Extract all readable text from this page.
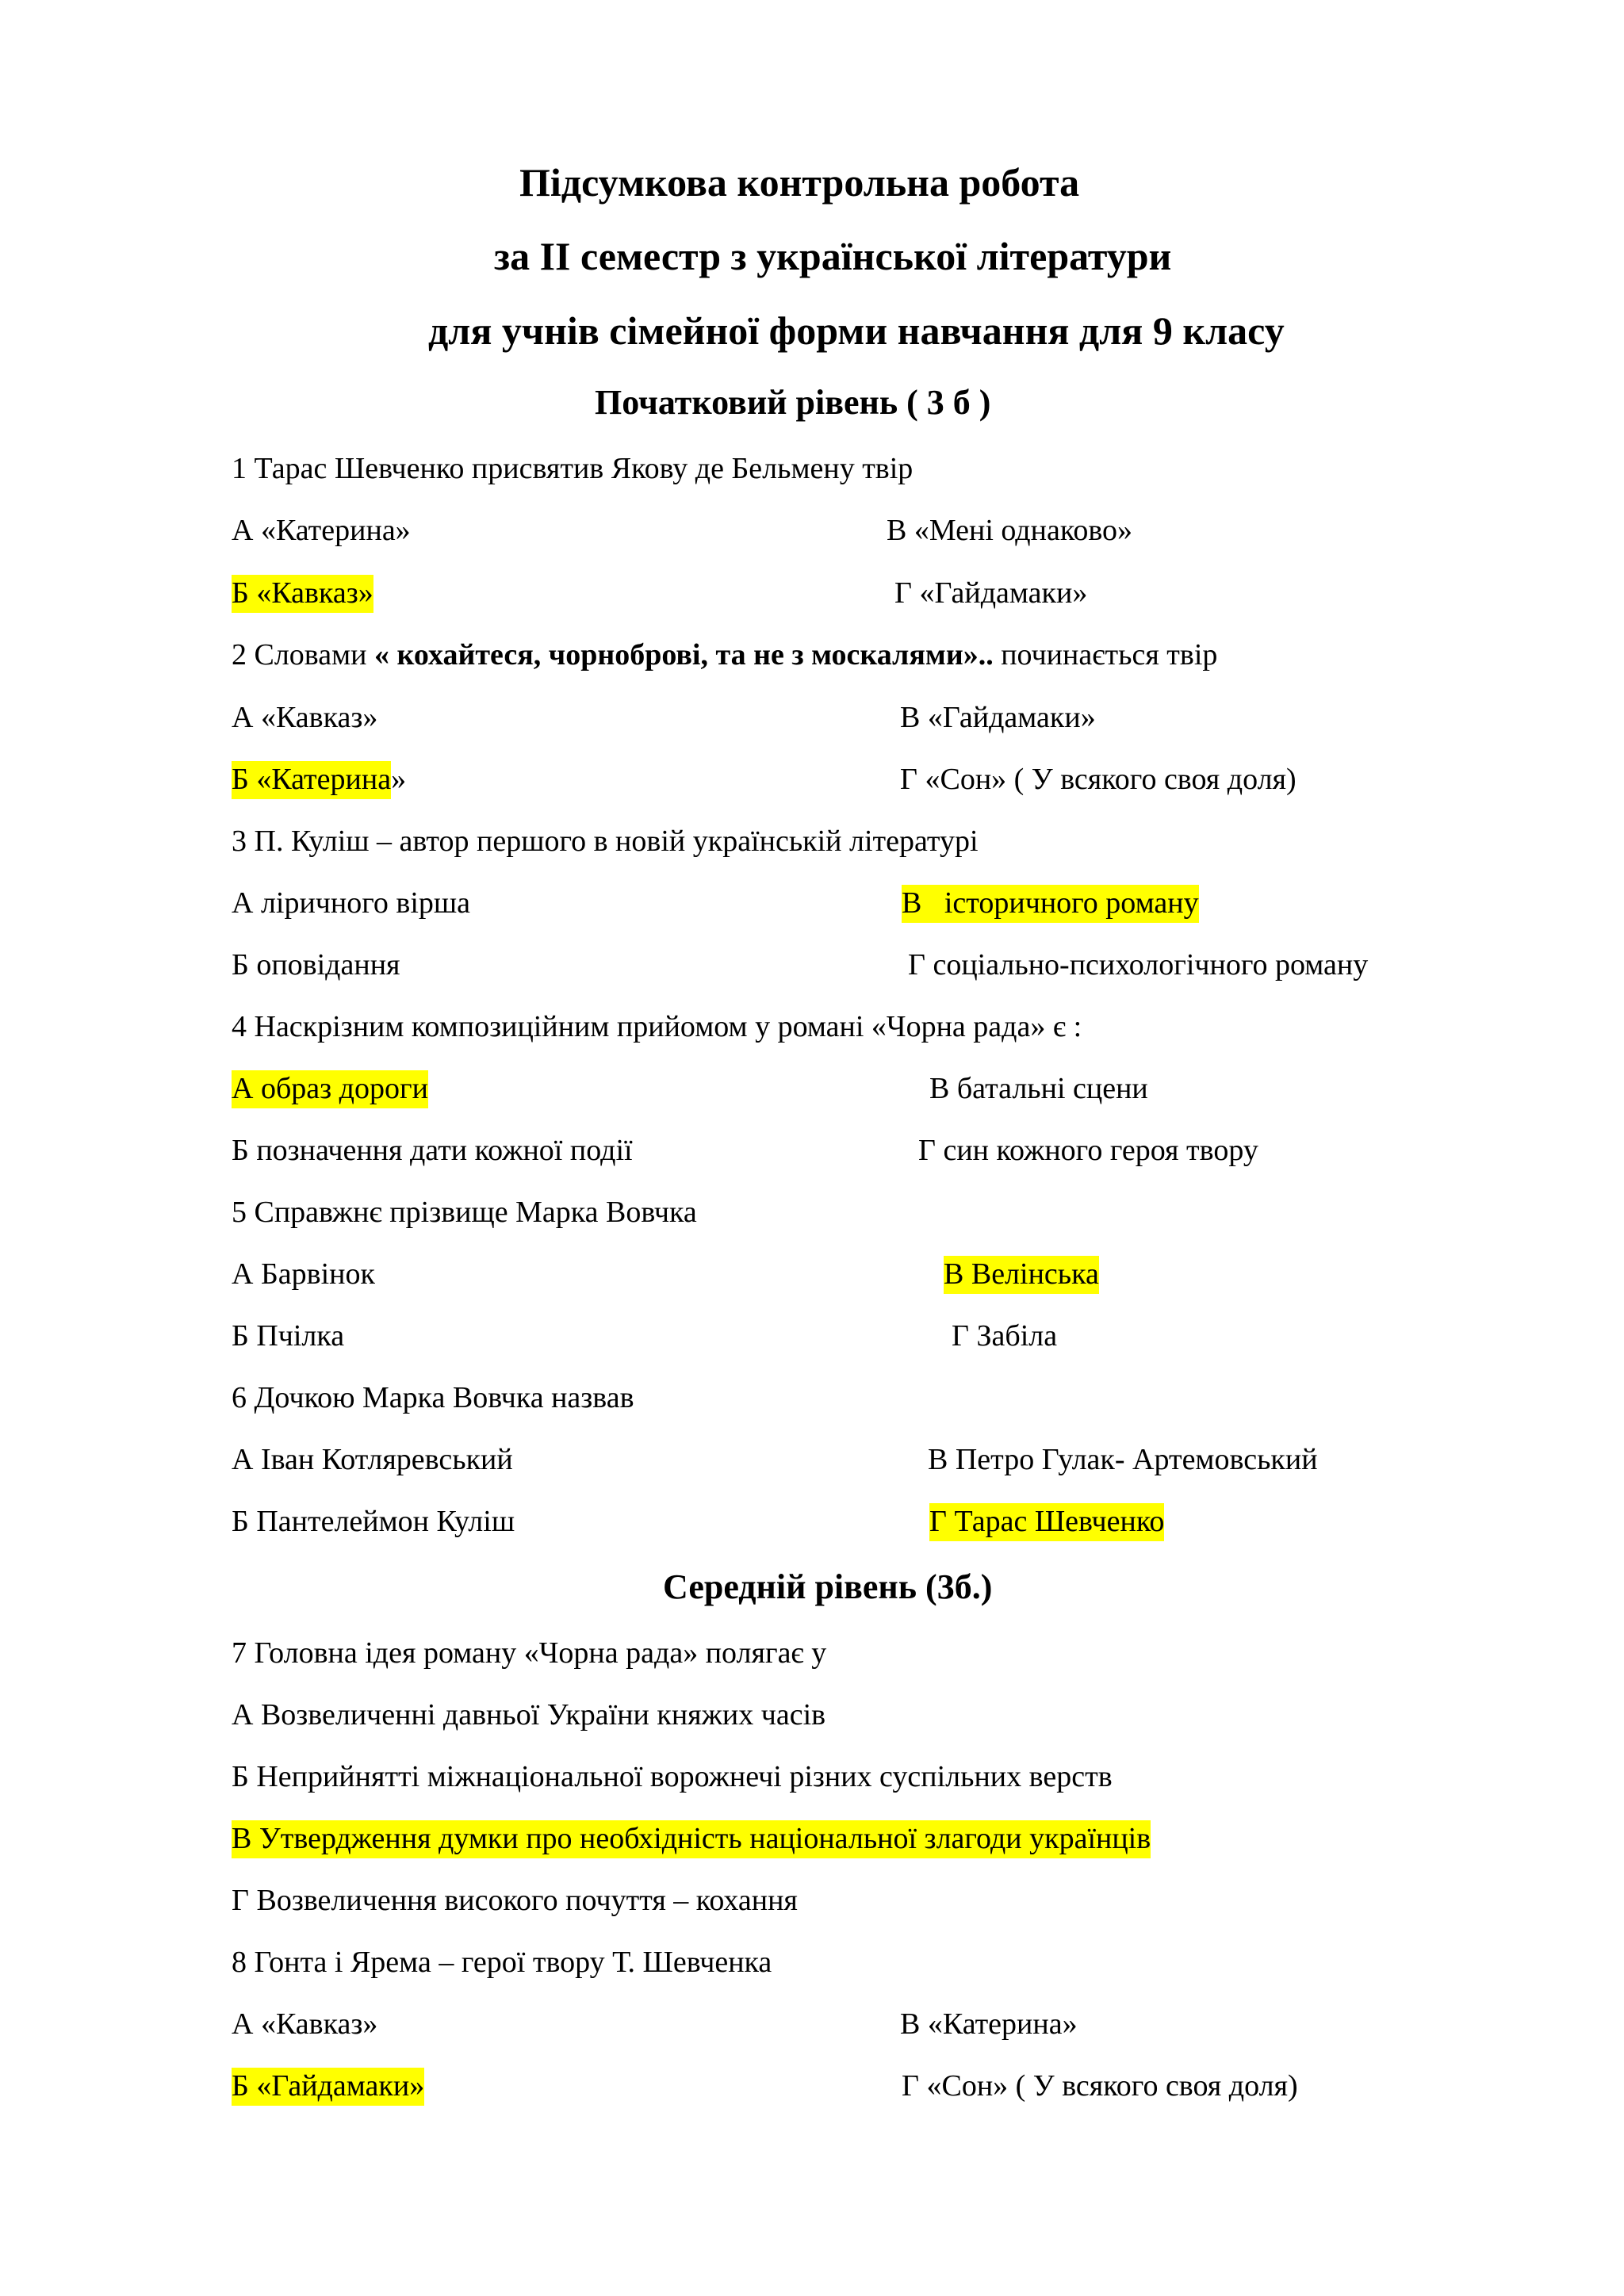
Підсумкова контрольна робота
за ІІ семестр з української літератури
для учнів сімейної форми навчання для 9 класу
Початковий рівень ( 3 б )
1 Тарас Шевченко присвятив Якову де Бельмену твір
А «Катерина»	В «Мені однаково»
Б «Кавказ»	Г «Гайдамаки»
2 Словами « кохайтеся, чорноброві, та не з москалями».. починається твір
А «Кавказ»	В «Гайдамаки»
Б «Катерина»	Г «Сон» ( У всякого своя доля)
3 П. Куліш – автор першого в новій українській літературі
А ліричного вірша	В   історичного роману
Б оповідання	Г соціально-психологічного роману
4 Наскрізним композиційним прийомом у романі «Чорна рада» є :
А образ дороги	В батальні сцени
Б позначення дати кожної події	Г син кожного героя твору
5 Справжнє прізвище Марка Вовчка
А Барвінок	В Велінська
Б Пчілка	Г Забіла
6 Дочкою Марка Вовчка назвав
А Іван Котляревський	В Петро Гулак- Артемовський
Б Пантелеймон Куліш	Г Тарас Шевченко
Середній рівень (3б.)
7 Головна ідея роману «Чорна рада» полягає у
А Возвеличенні давньої України княжих часів
Б Неприйнятті міжнаціональної ворожнечі різних суспільних верств
В Утвердження думки про необхідність національної злагоди українців
Г Возвеличення високого почуття – кохання
8 Гонта і Ярема – герої твору Т. Шевченка
А «Кавказ»	В «Катерина»
Б «Гайдамаки»	Г «Сон» ( У всякого своя доля)
